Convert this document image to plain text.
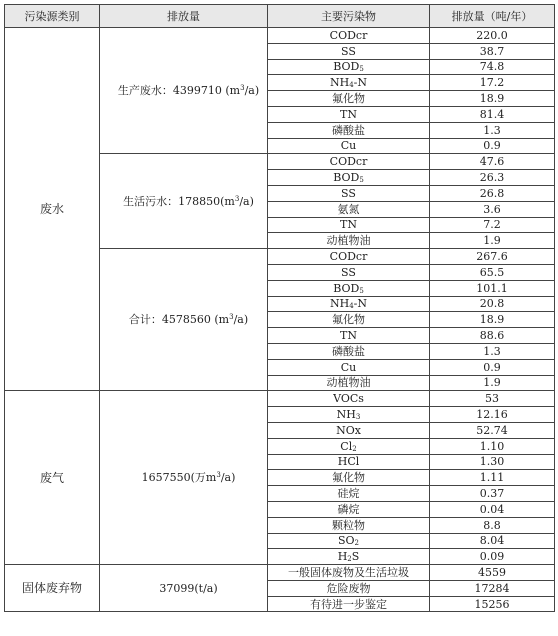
污染源类别	排放量	主要污染物	排放量（吨/年）
废水	生产废水：4399710 $(m^3/a)$	CODcr	220.0
		SS	38.7
		$BOD_5$	74.8
		$NH_4-N$	17.2
		氟化物	18.9
		TN	81.4
		磷酸盐	1.3
		Cu	0.9
	生活污水：$178850(m^3/a)$	CODcr	47.6
		$BOD_5$	26.3
		SS	26.8
		氨氮	3.6
		TN	7.2
		动植物油	1.9
	合计：4578560 $(m^3/a)$	CODcr	267.6
		SS	65.5
		$BOD_5$	101.1
		$NH_4-N$	20.8
		氟化物	18.9
		TN	88.6
		磷酸盐	1.3
		Cu	0.9
		动植物油	1.9
废气	1657550(万$m^3/a$)	VOCs	53
		$NH_3$	12.16
		NOx	52.74
		$Cl_2$	1.10
		HCl	1.30
		氟化物	1.11
		硅烷	0.37
		磷烷	0.04
		颗粒物	8.8
		$SO_2$	8.04
		$H_2S$	0.09
固体废弃物	37099(t/a)	一般固体废物及生活垃圾	4559
		危险废物	17284
		有待进一步鉴定	15256
